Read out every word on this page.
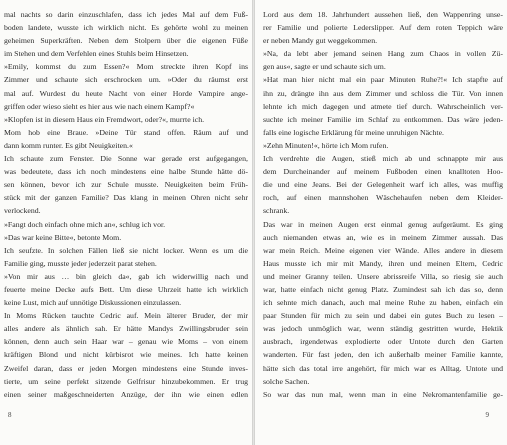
mal nachts so darin einzuschlafen, dass ich jedes Mal auf dem Fuß-
boden landete, wusste ich wirklich nicht. Es gehörte wohl zu meinen
geheimen Superkräften. Neben dem Stolpern über die eigenen Füße
im Stehen und dem Verfehlen eines Stuhls beim Hinsetzen.
»Emily, kommst du zum Essen?« Mom streckte ihren Kopf ins
Zimmer und schaute sich erschrocken um. »Oder du räumst erst
mal auf. Wurdest du heute Nacht von einer Horde Vampire ange-
griffen oder wieso sieht es hier aus wie nach einem Kampf?«
»Klopfen ist in diesem Haus ein Fremdwort, oder?«, murrte ich.
Mom hob eine Braue. »Deine Tür stand offen. Räum auf und
dann komm runter. Es gibt Neuigkeiten.«
Ich schaute zum Fenster. Die Sonne war gerade erst aufgegangen,
was bedeutete, dass ich noch mindestens eine halbe Stunde hätte dö-
sen können, bevor ich zur Schule musste. Neuigkeiten beim Früh-
stück mit der ganzen Familie? Das klang in meinen Ohren nicht sehr
verlockend.
»Fangt doch einfach ohne mich an«, schlug ich vor.
»Das war keine Bitte«, betonte Mom.
Ich seufzte. In solchen Fällen ließ sie nicht locker. Wenn es um die
Familie ging, musste jeder jederzeit parat stehen.
»Von mir aus … bin gleich da«, gab ich widerwillig nach und
feuerte meine Decke aufs Bett. Um diese Uhrzeit hatte ich wirklich
keine Lust, mich auf unnötige Diskussionen einzulassen.
In Moms Rücken tauchte Cedric auf. Mein älterer Bruder, der mir
alles andere als ähnlich sah. Er hätte Mandys Zwillingsbruder sein
können, denn auch sein Haar war – genau wie Moms – von einem
kräftigen Blond und nicht kürbisrot wie meines. Ich hatte keinen
Zweifel daran, dass er jeden Morgen mindestens eine Stunde inves-
tierte, um seine perfekt sitzende Gelfrisur hinzubekommen. Er trug
einen seiner maßgeschneiderten Anzüge, der ihn wie einen edlen
8
Lord aus dem 18. Jahrhundert aussehen ließ, den Wappenring unse-
rer Familie und polierte Lederslipper. Auf dem roten Teppich wäre
er neben Mandy gut weggekommen.
»Na, da lebt aber jemand seinen Hang zum Chaos in vollen Zü-
gen aus«, sagte er und schaute sich um.
»Hat man hier nicht mal ein paar Minuten Ruhe?!« Ich stapfte auf
ihn zu, drängte ihn aus dem Zimmer und schloss die Tür. Von innen
lehnte ich mich dagegen und atmete tief durch. Wahrscheinlich ver-
suchte ich meiner Familie im Schlaf zu entkommen. Das wäre jeden-
falls eine logische Erklärung für meine unruhigen Nächte.
»Zehn Minuten!«, hörte ich Mom rufen.
Ich verdrehte die Augen, stieß mich ab und schnappte mir aus
dem Durcheinander auf meinem Fußboden einen knalltoten Hoo-
die und eine Jeans. Bei der Gelegenheit warf ich alles, was muffig
roch, auf einen mannshohen Wäschehaufen neben dem Kleider-
schrank.
Das war in meinen Augen erst einmal genug aufgeräumt. Es ging
auch niemanden etwas an, wie es in meinem Zimmer aussah. Das
war mein Reich. Meine eigenen vier Wände. Alles andere in diesem
Haus musste ich mir mit Mandy, ihren und meinen Eltern, Cedric
und meiner Granny teilen. Unsere abrissreife Villa, so riesig sie auch
war, hatte einfach nicht genug Platz. Zumindest sah ich das so, denn
ich sehnte mich danach, auch mal meine Ruhe zu haben, einfach ein
paar Stunden für mich zu sein und dabei ein gutes Buch zu lesen –
was jedoch unmöglich war, wenn ständig gestritten wurde, Hektik
ausbrach, irgendetwas explodierte oder Untote durch den Garten
wanderten. Für fast jeden, den ich außerhalb meiner Familie kannte,
hätte sich das total irre angehört, für mich war es Alltag. Untote und
solche Sachen.
So war das nun mal, wenn man in eine Nekromantenfamilie ge-
9
